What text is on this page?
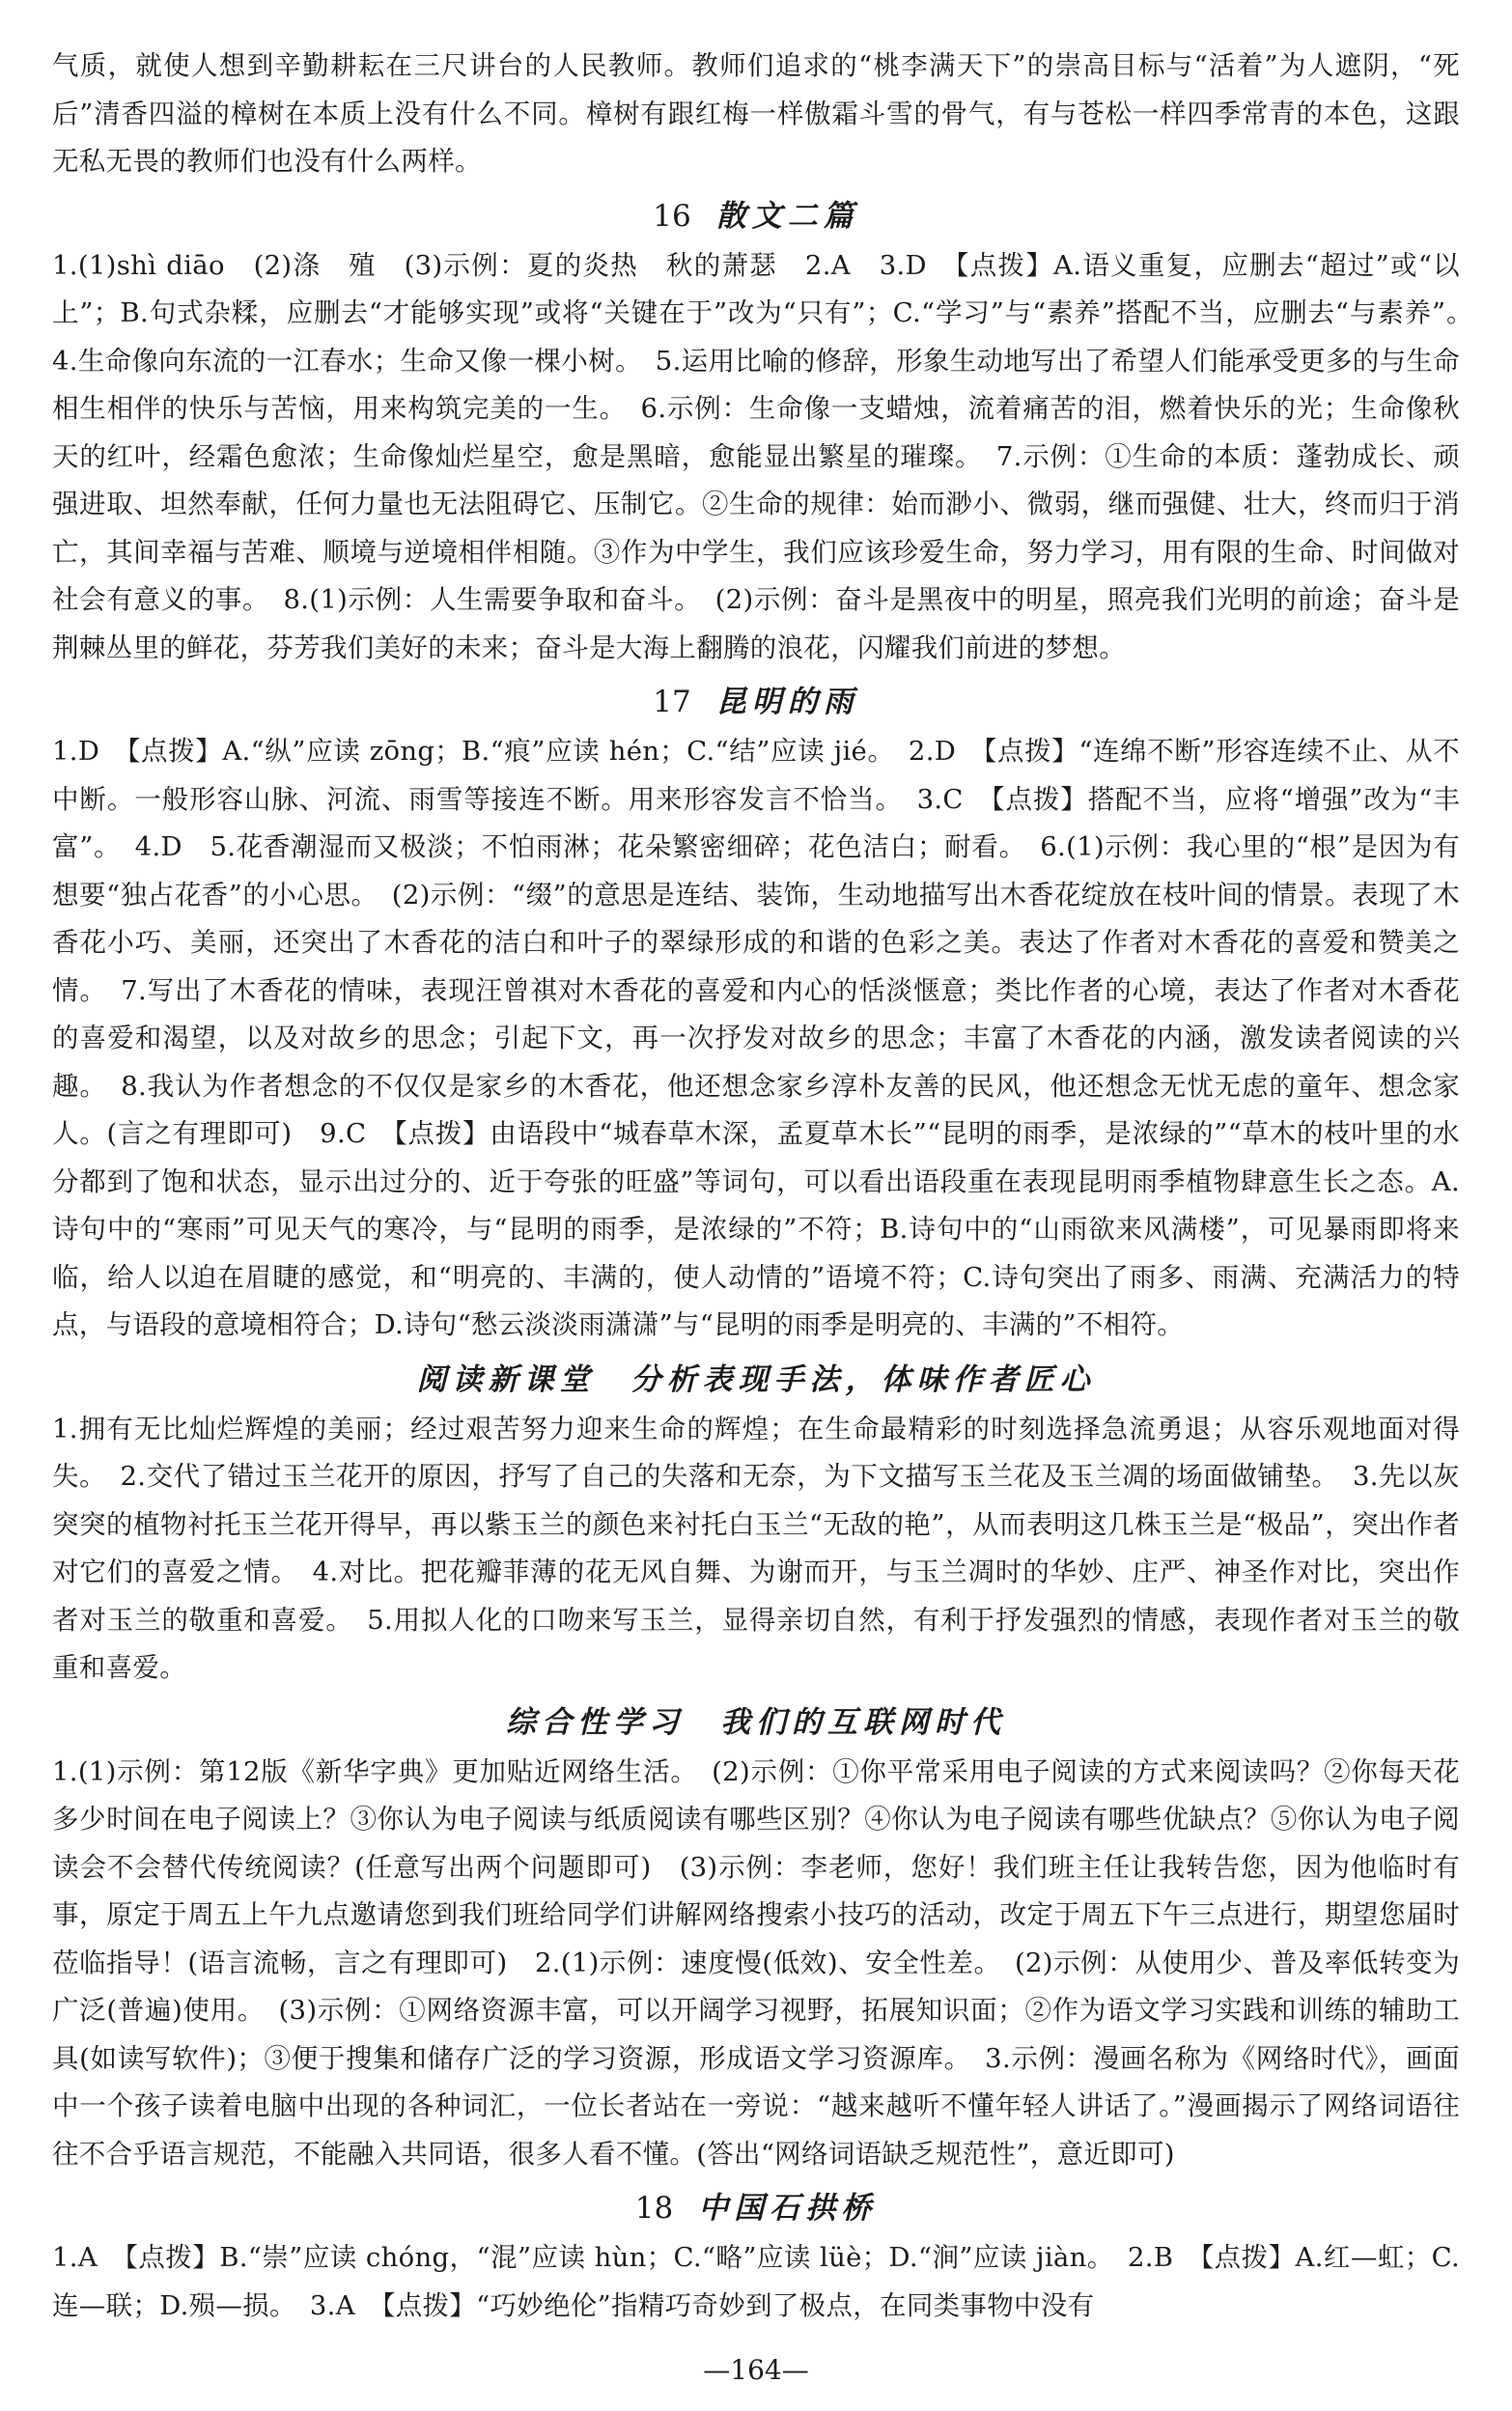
气质，就使人想到辛勤耕耘在三尺讲台的人民教师。教师们追求的“桃李满天下”的崇高目标与“活着”为人遮阴，“死后”清香四溢的樟树在本质上没有什么不同。樟树有跟红梅一样傲霜斗雪的骨气，有与苍松一样四季常青的本色，这跟无私无畏的教师们也没有什么两样。

16 散文二篇

1.(1)shì diāo　(2)涤　殖　(3)示例：夏的炎热　秋的萧瑟　2.A　3.D　【点拨】A.语义重复，应删去“超过”或“以上”；B.句式杂糅，应删去“才能够实现”或将“关键在于”改为“只有”；C.“学习”与“素养”搭配不当，应删去“与素养”。　4.生命像向东流的一江春水；生命又像一棵小树。　5.运用比喻的修辞，形象生动地写出了希望人们能承受更多的与生命相生相伴的快乐与苦恼，用来构筑完美的一生。　6.示例：生命像一支蜡烛，流着痛苦的泪，燃着快乐的光；生命像秋天的红叶，经霜色愈浓；生命像灿烂星空，愈是黑暗，愈能显出繁星的璀璨。　7.示例：①生命的本质：蓬勃成长、顽强进取、坦然奉献，任何力量也无法阻碍它、压制它。②生命的规律：始而渺小、微弱，继而强健、壮大，终而归于消亡，其间幸福与苦难、顺境与逆境相伴相随。③作为中学生，我们应该珍爱生命，努力学习，用有限的生命、时间做对社会有意义的事。　8.(1)示例：人生需要争取和奋斗。　(2)示例：奋斗是黑夜中的明星，照亮我们光明的前途；奋斗是荆棘丛里的鲜花，芬芳我们美好的未来；奋斗是大海上翻腾的浪花，闪耀我们前进的梦想。

17 昆明的雨

1.D　【点拨】A.“纵”应读 zōng；B.“痕”应读 hén；C.“结”应读 jié。　2.D　【点拨】“连绵不断”形容连续不止、从不中断。一般形容山脉、河流、雨雪等接连不断。用来形容发言不恰当。　3.C　【点拨】搭配不当，应将“增强”改为“丰富”。　4.D　5.花香潮湿而又极淡；不怕雨淋；花朵繁密细碎；花色洁白；耐看。　6.(1)示例：我心里的“根”是因为有想要“独占花香”的小心思。　(2)示例：“缀”的意思是连结、装饰，生动地描写出木香花绽放在枝叶间的情景。表现了木香花小巧、美丽，还突出了木香花的洁白和叶子的翠绿形成的和谐的色彩之美。表达了作者对木香花的喜爱和赞美之情。　7.写出了木香花的情味，表现汪曾祺对木香花的喜爱和内心的恬淡惬意；类比作者的心境，表达了作者对木香花的喜爱和渴望，以及对故乡的思念；引起下文，再一次抒发对故乡的思念；丰富了木香花的内涵，激发读者阅读的兴趣。　8.我认为作者想念的不仅仅是家乡的木香花，他还想念家乡淳朴友善的民风，他还想念无忧无虑的童年、想念家人。(言之有理即可)　9.C　【点拨】由语段中“城春草木深，孟夏草木长”“昆明的雨季，是浓绿的”“草木的枝叶里的水分都到了饱和状态，显示出过分的、近于夸张的旺盛”等词句，可以看出语段重在表现昆明雨季植物肆意生长之态。A.诗句中的“寒雨”可见天气的寒冷，与“昆明的雨季，是浓绿的”不符；B.诗句中的“山雨欲来风满楼”，可见暴雨即将来临，给人以迫在眉睫的感觉，和“明亮的、丰满的，使人动情的”语境不符；C.诗句突出了雨多、雨满、充满活力的特点，与语段的意境相符合；D.诗句“愁云淡淡雨潇潇”与“昆明的雨季是明亮的、丰满的”不相符。

阅读新课堂　分析表现手法，体味作者匠心

1.拥有无比灿烂辉煌的美丽；经过艰苦努力迎来生命的辉煌；在生命最精彩的时刻选择急流勇退；从容乐观地面对得失。　2.交代了错过玉兰花开的原因，抒写了自己的失落和无奈，为下文描写玉兰花及玉兰凋的场面做铺垫。　3.先以灰突突的植物衬托玉兰花开得早，再以紫玉兰的颜色来衬托白玉兰“无敌的艳”，从而表明这几株玉兰是“极品”，突出作者对它们的喜爱之情。　4.对比。把花瓣菲薄的花无风自舞、为谢而开，与玉兰凋时的华妙、庄严、神圣作对比，突出作者对玉兰的敬重和喜爱。　5.用拟人化的口吻来写玉兰，显得亲切自然，有利于抒发强烈的情感，表现作者对玉兰的敬重和喜爱。

综合性学习　我们的互联网时代

1.(1)示例：第12版《新华字典》更加贴近网络生活。　(2)示例：①你平常采用电子阅读的方式来阅读吗？②你每天花多少时间在电子阅读上？③你认为电子阅读与纸质阅读有哪些区别？④你认为电子阅读有哪些优缺点？⑤你认为电子阅读会不会替代传统阅读？(任意写出两个问题即可)　(3)示例：李老师，您好！我们班主任让我转告您，因为他临时有事，原定于周五上午九点邀请您到我们班给同学们讲解网络搜索小技巧的活动，改定于周五下午三点进行，期望您届时莅临指导！(语言流畅，言之有理即可)　2.(1)示例：速度慢(低效)、安全性差。　(2)示例：从使用少、普及率低转变为广泛(普遍)使用。　(3)示例：①网络资源丰富，可以开阔学习视野，拓展知识面；②作为语文学习实践和训练的辅助工具(如读写软件)；③便于搜集和储存广泛的学习资源，形成语文学习资源库。　3.示例：漫画名称为《网络时代》，画面中一个孩子读着电脑中出现的各种词汇，一位长者站在一旁说：“越来越听不懂年轻人讲话了。”漫画揭示了网络词语往往不合乎语言规范，不能融入共同语，很多人看不懂。(答出“网络词语缺乏规范性”，意近即可)

18 中国石拱桥

1.A　【点拨】B.“崇”应读 chóng，“混”应读 hùn；C.“略”应读 lüè；D.“涧”应读 jiàn。　2.B　【点拨】A.红—虹；C.连—联；D.殒—损。　3.A　【点拨】“巧妙绝伦”指精巧奇妙到了极点，在同类事物中没有

—164—
